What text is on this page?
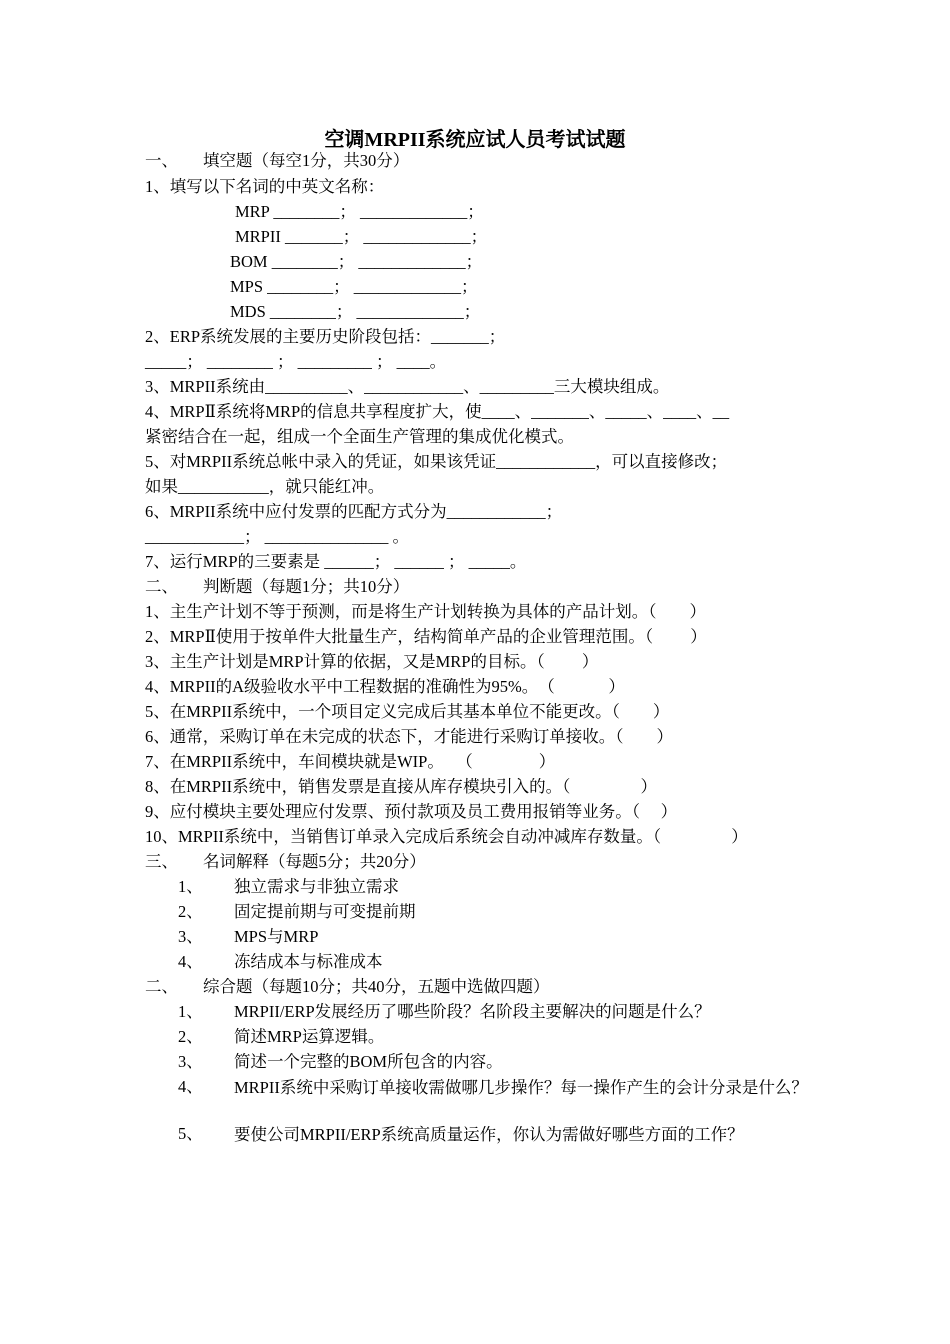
空调MRPII系统应试人员考试试题
一、 填空题（每空1分，共30分）
1、填写以下名词的中英文名称：
MRP ________； _____________；
MRPII _______； _____________；
BOM ________； _____________；
MPS ________； _____________；
MDS ________； _____________；
2、ERP系统发展的主要历史阶段包括：_______；
_____； ________ ； _________ ； ____。
3、MRPII系统由__________、____________、_________三大模块组成。
4、MRPⅡ系统将MRP的信息共享程度扩大，使____、_______、_____、____、__
紧密结合在一起，组成一个全面生产管理的集成优化模式。
5、对MRPII系统总帐中录入的凭证，如果该凭证____________，可以直接修改；
如果___________，就只能红冲。
6、MRPII系统中应付发票的匹配方式分为____________；
____________； _______________ 。
7、运行MRP的三要素是 ______； ______ ； _____。
二、 判断题（每题1分；共10分）
1、主生产计划不等于预测，而是将生产计划转换为具体的产品计划。（　　）
2、MRPⅡ使用于按单件大批量生产，结构简单产品的企业管理范围。（　　 ）
3、主生产计划是MRP计算的依据，又是MRP的目标。（　　 ）
4、MRPII的A级验收水平中工程数据的准确性为95%。　（　　　 ）
5、在MRPII系统中，一个项目定义完成后其基本单位不能更改。（　　）
6、通常，采购订单在未完成的状态下，才能进行采购订单接收。（　　）
7、在MRPII系统中，车间模块就是WIP。　 （　　　　）
8、在MRPII系统中，销售发票是直接从库存模块引入的。（　　　　 ）
9、应付模块主要处理应付发票、预付款项及员工费用报销等业务。（　 ）
10、MRPII系统中，当销售订单录入完成后系统会自动冲减库存数量。（　　　　 ）
三、 名词解释（每题5分；共20分）
1、 独立需求与非独立需求
2、 固定提前期与可变提前期
3、 MPS与MRP
4、 冻结成本与标准成本
二、 综合题（每题10分；共40分，五题中选做四题）
1、 MRPII/ERP发展经历了哪些阶段？名阶段主要解决的问题是什么？
2、 简述MRP运算逻辑。
3、 简述一个完整的BOM所包含的内容。
4、 MRPII系统中采购订单接收需做哪几步操作？每一操作产生的会计分录是什么？
5、 要使公司MRPII/ERP系统高质量运作，你认为需做好哪些方面的工作？
